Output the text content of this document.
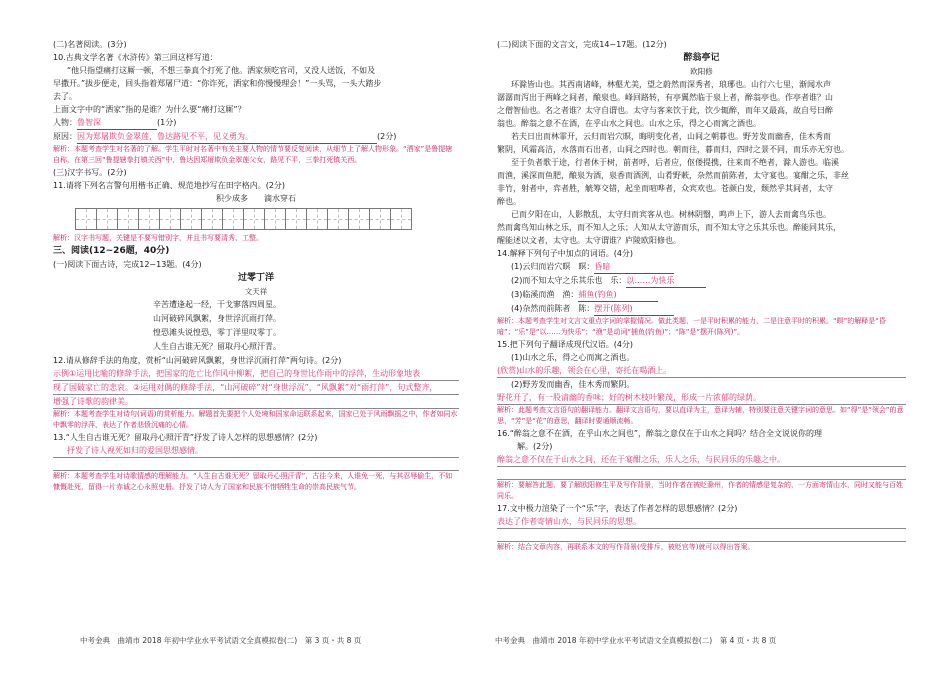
(二)名著阅读。(3分)
10.古典文学名著《水浒传》第三回这样写道：
“他只指望痛打这厮一顿，不想三拳真个打死了他。洒家须吃官司，又没人送饭，不如及
早撒开。”拔步便走，回头指着郑屠尸道：“你诈死，洒家和你慢慢理会！”一头骂，一头大踏步
去了。
上面文字中的“洒家”指的是谁？为什么要“痛打这厮”？
人物：鲁智深	(1分)
原因：因为郑屠欺负金翠莲，鲁达路见不平，见义勇为。	(2分)
解析：本题考查学生对名著的了解。学生平时对名著中有关主要人物的情节要反复阅读，从细节上了解人物形象。“洒家”是鲁提辖自称，在第三回“鲁提辖拳打镇关西”中，鲁达因郑屠欺负金翠莲父女，路见不平，三拳打死镇关西。
(三)汉字书写。(2分)
11.请将下列名言警句用楷书正确、规范地抄写在田字格内。(2分)
积少成多　　滴水穿石
解析：汉字书写题，关键是不要写错别字，并且书写要清秀、工整。
三、阅读(12~26题，40分)
(一)阅读下面古诗，完成12~13题。(4分)
过零丁洋
文天祥
辛苦遭逢起一经，干戈寥落四周星。
山河破碎风飘絮，身世浮沉雨打萍。
惶恐滩头说惶恐，零丁洋里叹零丁。
人生自古谁无死？留取丹心照汗青。
12.请从修辞手法的角度，赏析“山河破碎风飘絮，身世浮沉雨打萍”两句诗。(2分)
示例①运用比喻的修辞手法，把国家的危亡比作风中柳絮，把自己的身世比作雨中的浮萍，生动形象地表
现了国破家亡的悲哀。②运用对偶的修辞手法，“山河破碎”对“身世浮沉”，“风飘絮”对“雨打萍”，句式整齐，
增强了诗歌的韵律美。
解析：本题考查学生对诗句(词语)的赏析能力。解题首先要把个人处境和国家命运联系起来，国家已处于风雨飘摇之中，作者如同水中飘零的浮萍，表达了作者悲愤沉痛的心情。
13.“人生自古谁无死？留取丹心照汗青”抒发了诗人怎样的思想感情？(2分)
抒发了诗人视死如归的爱国思想感情。
解析：本题考查学生对诗歌情感的理解能力。“人生自古谁无死？留取丹心照汗青”，古往今来，人谁免一死，与其忍辱偷生，不如慷慨赴死，留得一片赤诚之心永照史册。抒发了诗人为了国家和民族不惜牺牲生命的崇高民族气节。
中考金典　曲靖市 2018 年初中学业水平考试语文全真模拟卷(二)　第 3 页・共 8 页
(二)阅读下面的文言文，完成14~17题。(12分)
醉翁亭记
欧阳修
环滁皆山也。其西南诸峰，林壑尤美，望之蔚然而深秀者，琅琊也。山行六七里，渐闻水声
潺潺而泻出于两峰之间者，酿泉也。峰回路转，有亭翼然临于泉上者，醉翁亭也。作亭者谁？山
之僧智仙也。名之者谁？太守自谓也。太守与客来饮于此，饮少辄醉，而年又最高，故自号曰醉
翁也。醉翁之意不在酒，在乎山水之间也。山水之乐，得之心而寓之酒也。
若夫日出而林霏开，云归而岩穴暝，晦明变化者，山间之朝暮也。野芳发而幽香，佳木秀而
繁阴，风霜高洁，水落而石出者，山间之四时也。朝而往，暮而归，四时之景不同，而乐亦无穷也。
至于负者歌于途，行者休于树，前者呼，后者应，伛偻提携，往来而不绝者，滁人游也。临溪
而渔，溪深而鱼肥，酿泉为酒，泉香而酒洌，山肴野蔌，杂然而前陈者，太守宴也。宴酣之乐，非丝
非竹，射者中，弈者胜，觥筹交错，起坐而喧哗者，众宾欢也。苍颜白发，颓然乎其间者，太守
醉也。
已而夕阳在山，人影散乱，太守归而宾客从也。树林阴翳，鸣声上下，游人去而禽鸟乐也。
然而禽鸟知山林之乐，而不知人之乐；人知从太守游而乐，而不知太守之乐其乐也。醉能同其乐，
醒能述以文者，太守也。太守谓谁？庐陵欧阳修也。
14.解释下列句子中加点的词语。(4分)
(1)云归而岩穴暝　暝：昏暗
(2)而不知太守之乐其乐也　乐：以……为快乐
(3)临溪而渔　渔：捕鱼(钓鱼)
(4)杂然而前陈者　陈：摆开(陈列)
解析：本题考查学生对文言文重点字词的掌握情况。做此类题，一是平时积累的能力，二是注意平时的积累。“暝”的解释是“昏暗”；“乐”是“以……为快乐”；“渔”是动词“捕鱼(钓鱼)”；“陈”是“摆开(陈列)”。
15.把下列句子翻译成现代汉语。(4分)
(1)山水之乐，得之心而寓之酒也。
(欣赏)山水的乐趣，领会在心里，寄托在喝酒上。
(2)野芳发而幽香，佳木秀而繁阴。
野花开了，有一股清幽的香味；好的树木枝叶繁茂，形成一片浓郁的绿荫。
解析：此题考查文言语句的翻译能力。翻译文言语句，要以直译为主，意译为辅，特别要注意关键字词的意思。如“得”是“领会”的意思，“芳”是“花”的意思，翻译时要通顺流畅。
16.“醉翁之意不在酒，在乎山水之间也”，醉翁之意仅在于山水之间吗？结合全文说说你的理
解。(2分)
醉翁之意不仅在于山水之间，还在于宴酣之乐，乐人之乐，与民同乐的乐趣之中。
解析：要解答此题，要了解欧阳修生平及写作背景，当时作者在被贬滁州，作者的情感是复杂的，一方面寄情山水，同时又能与百姓同乐。
17.文中极力渲染了一个“乐”字，表达了作者怎样的思想感情？(2分)
表达了作者寄情山水，与民同乐的思想。
解析：结合文章内容，再联系本文的写作背景(受排斥，被贬官等)就可以得出答案。
中考金典　曲靖市 2018 年初中学业水平考试语文全真模拟卷(二)　第 4 页・共 8 页
